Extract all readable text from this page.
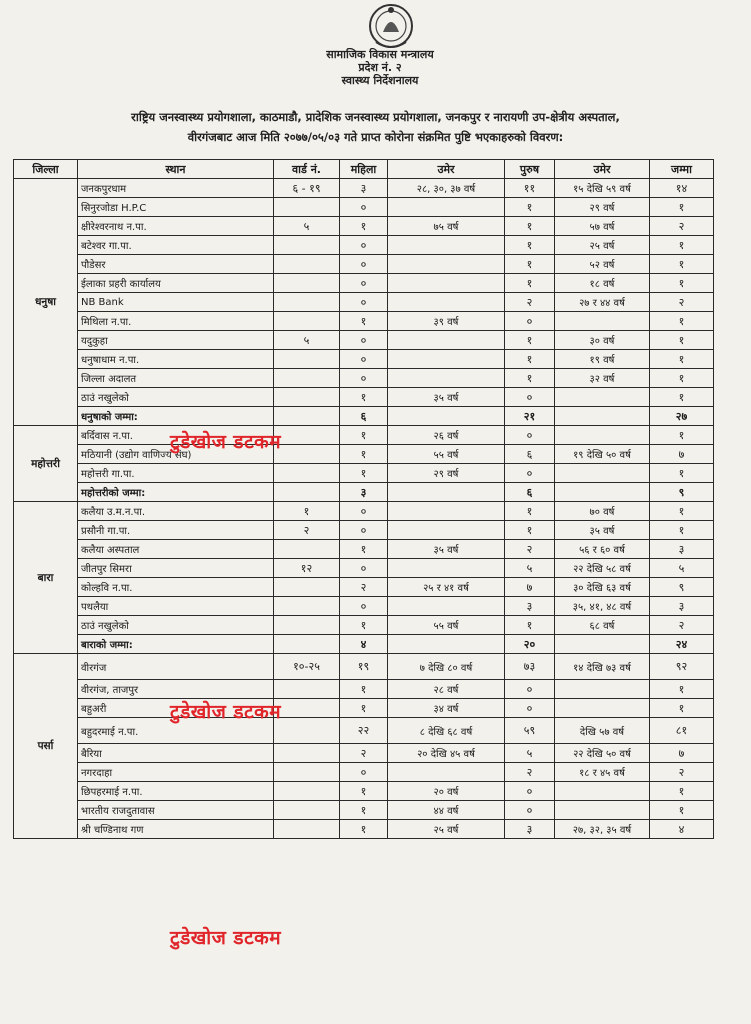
सामाजिक विकास मन्त्रालय
प्रदेश नं. २
स्वास्थ्य निर्देशनालय
राष्ट्रिय जनस्वास्थ्य प्रयोगशाला, काठमाडौ, प्रादेशिक जनस्वास्थ्य प्रयोगशाला, जनकपुर र नारायणी उप-क्षेत्रीय अस्पताल,
वीरगंजबाट आज मिति २०७७/०५/०३ गते प्राप्त कोरोना संक्रमित पुष्टि भएकाहरुको विवरण:
जिल्ला	स्थान	वार्ड नं.	महिला	उमेर	पुरुष	उमेर	जम्मा
धनुषा	जनकपुरधाम	६ - १९	३	२८, ३०, ३७ वर्ष	११	१५ देखि ५९ वर्ष	१४
	सिनुरजोडा H.P.C		०		१	२९ वर्ष	१
	क्षीरेश्वरनाथ न.पा.	५	१	७५ वर्ष	१	५७ वर्ष	२
	बटेश्वर गा.पा.		०		१	२५ वर्ष	१
	पौडेसर		०		१	५२ वर्ष	१
	ईलाका प्रहरी कार्यालय		०		१	१८ वर्ष	१
	NB Bank		०		२	२७ र ४४ वर्ष	२
	मिथिला न.पा.		१	३९ वर्ष	०		१
	यदुकुहा	५	०		१	३० वर्ष	१
	धनुषाधाम न.पा.		०		१	१९ वर्ष	१
	जिल्ला अदालत		०		१	३२ वर्ष	१
	ठाउं नखुलेको		१	३५ वर्ष	०		१
	धनुषाको जम्मा:		६		२१		२७
महोत्तरी	बर्दिवास न.पा.		१	२६ वर्ष	०		१
	मठियानी (उद्योग वाणिज्य संघ)		१	५५ वर्ष	६	१९ देखि ५० वर्ष	७
	महोत्तरी गा.पा.		१	२९ वर्ष	०		१
	महोत्तरीको जम्मा:		३		६		९
बारा	कलैया उ.म.न.पा.	१	०		१	७० वर्ष	१
	प्रसौनी गा.पा.	२	०		१	३५ वर्ष	१
	कलैया अस्पताल		१	३५ वर्ष	२	५६ र ६० वर्ष	३
	जीतपुर सिमरा	१२	०		५	२२ देखि ५८ वर्ष	५
	कोल्हवि न.पा.		२	२५ र ४१ वर्ष	७	३० देखि ६३ वर्ष	९
	पथलैया		०		३	३५, ४१, ४८ वर्ष	३
	ठाउं नखुलेको		१	५५ वर्ष	१	६८ वर्ष	२
	बाराको जम्मा:		४		२०		२४
पर्सा	वीरगंज	१०-२५	१९	७ देखि ८० वर्ष	७३	१४ देखि ७३ वर्ष	९२
	वीरगंज, ताजपुर		१	२८ वर्ष	०		१
	बहुअरी		१	३४ वर्ष	०		१
	बहुदरमाई न.पा.		२२	८ देखि ६८ वर्ष	५९	देखि ५७ वर्ष	८१
	बैरिया		२	२० देखि ४५ वर्ष	५	२२ देखि ५० वर्ष	७
	नगरदाहा		०		२	१८ र ४५ वर्ष	२
	छिपहरमाई न.पा.		१	२० वर्ष	०		१
	भारतीय राजदुतावास		१	४४ वर्ष	०		१
	श्री चण्डिनाथ गण		१	२५ वर्ष	३	२७, ३२, ३५ वर्ष	४
टुडेखोज डटकम
टुडेखोज डटकम
टुडेखोज डटकम
